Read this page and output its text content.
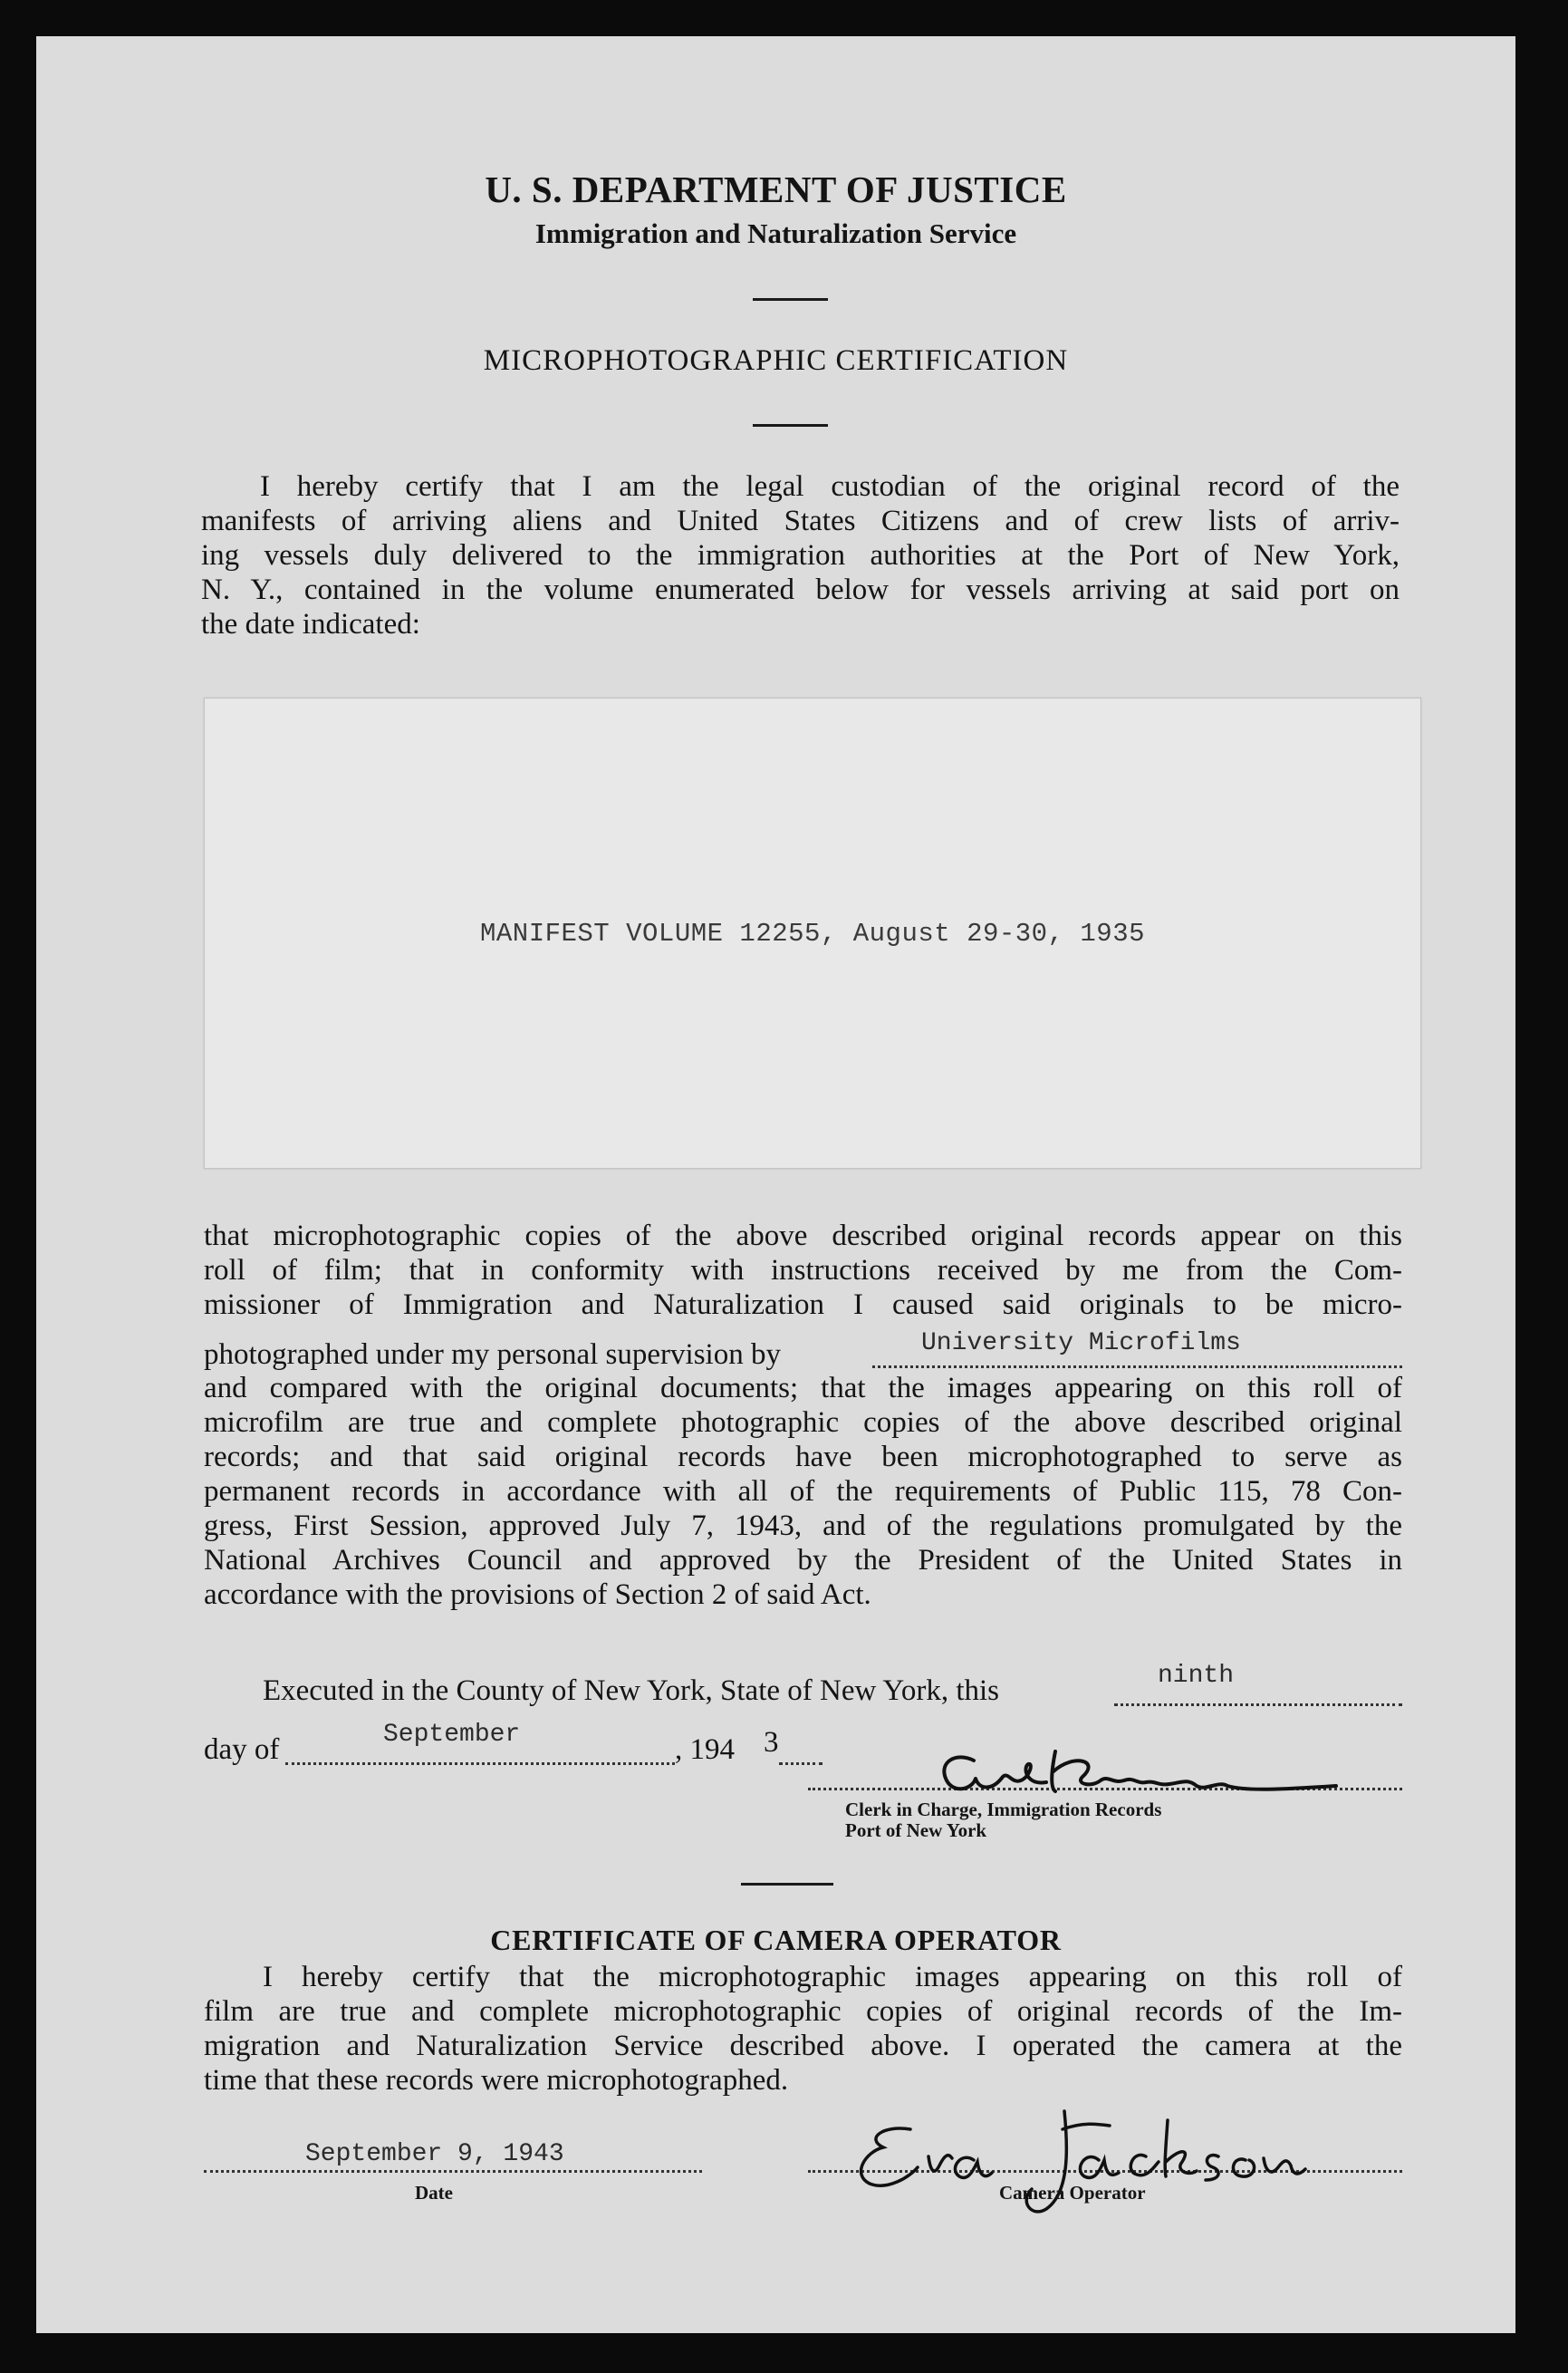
U. S. DEPARTMENT OF JUSTICE
Immigration and Naturalization Service
MICROPHOTOGRAPHIC CERTIFICATION
I hereby certify that I am the legal custodian of the original record of the
manifests of arriving aliens and United States Citizens and of crew lists of arriv-
ing vessels duly delivered to the immigration authorities at the Port of New York,
N. Y., contained in the volume enumerated below for vessels arriving at said port on
the date indicated:
MANIFEST VOLUME 12255, August 29-30, 1935
that microphotographic copies of the above described original records appear on this
roll of film; that in conformity with instructions received by me from the Com-
missioner of Immigration and Naturalization I caused said originals to be micro-
photographed under my personal supervision by	University Microfilms
and compared with the original documents; that the images appearing on this roll of
microfilm are true and complete photographic copies of the above described original
records; and that said original records have been microphotographed to serve as
permanent records in accordance with all of the requirements of Public 115, 78 Con-
gress, First Session, approved July 7, 1943, and of the regulations promulgated by the
National Archives Council and approved by the President of the United States in
accordance with the provisions of Section 2 of said Act.
Executed in the County of New York, State of New York, this	ninth
day of	September	, 194 3
Clerk in Charge, Immigration Records
Port of New York
CERTIFICATE OF CAMERA OPERATOR
I hereby certify that the microphotographic images appearing on this roll of
film are true and complete microphotographic copies of original records of the Im-
migration and Naturalization Service described above. I operated the camera at the
time that these records were microphotographed.
September 9, 1943
Date	Camera Operator
